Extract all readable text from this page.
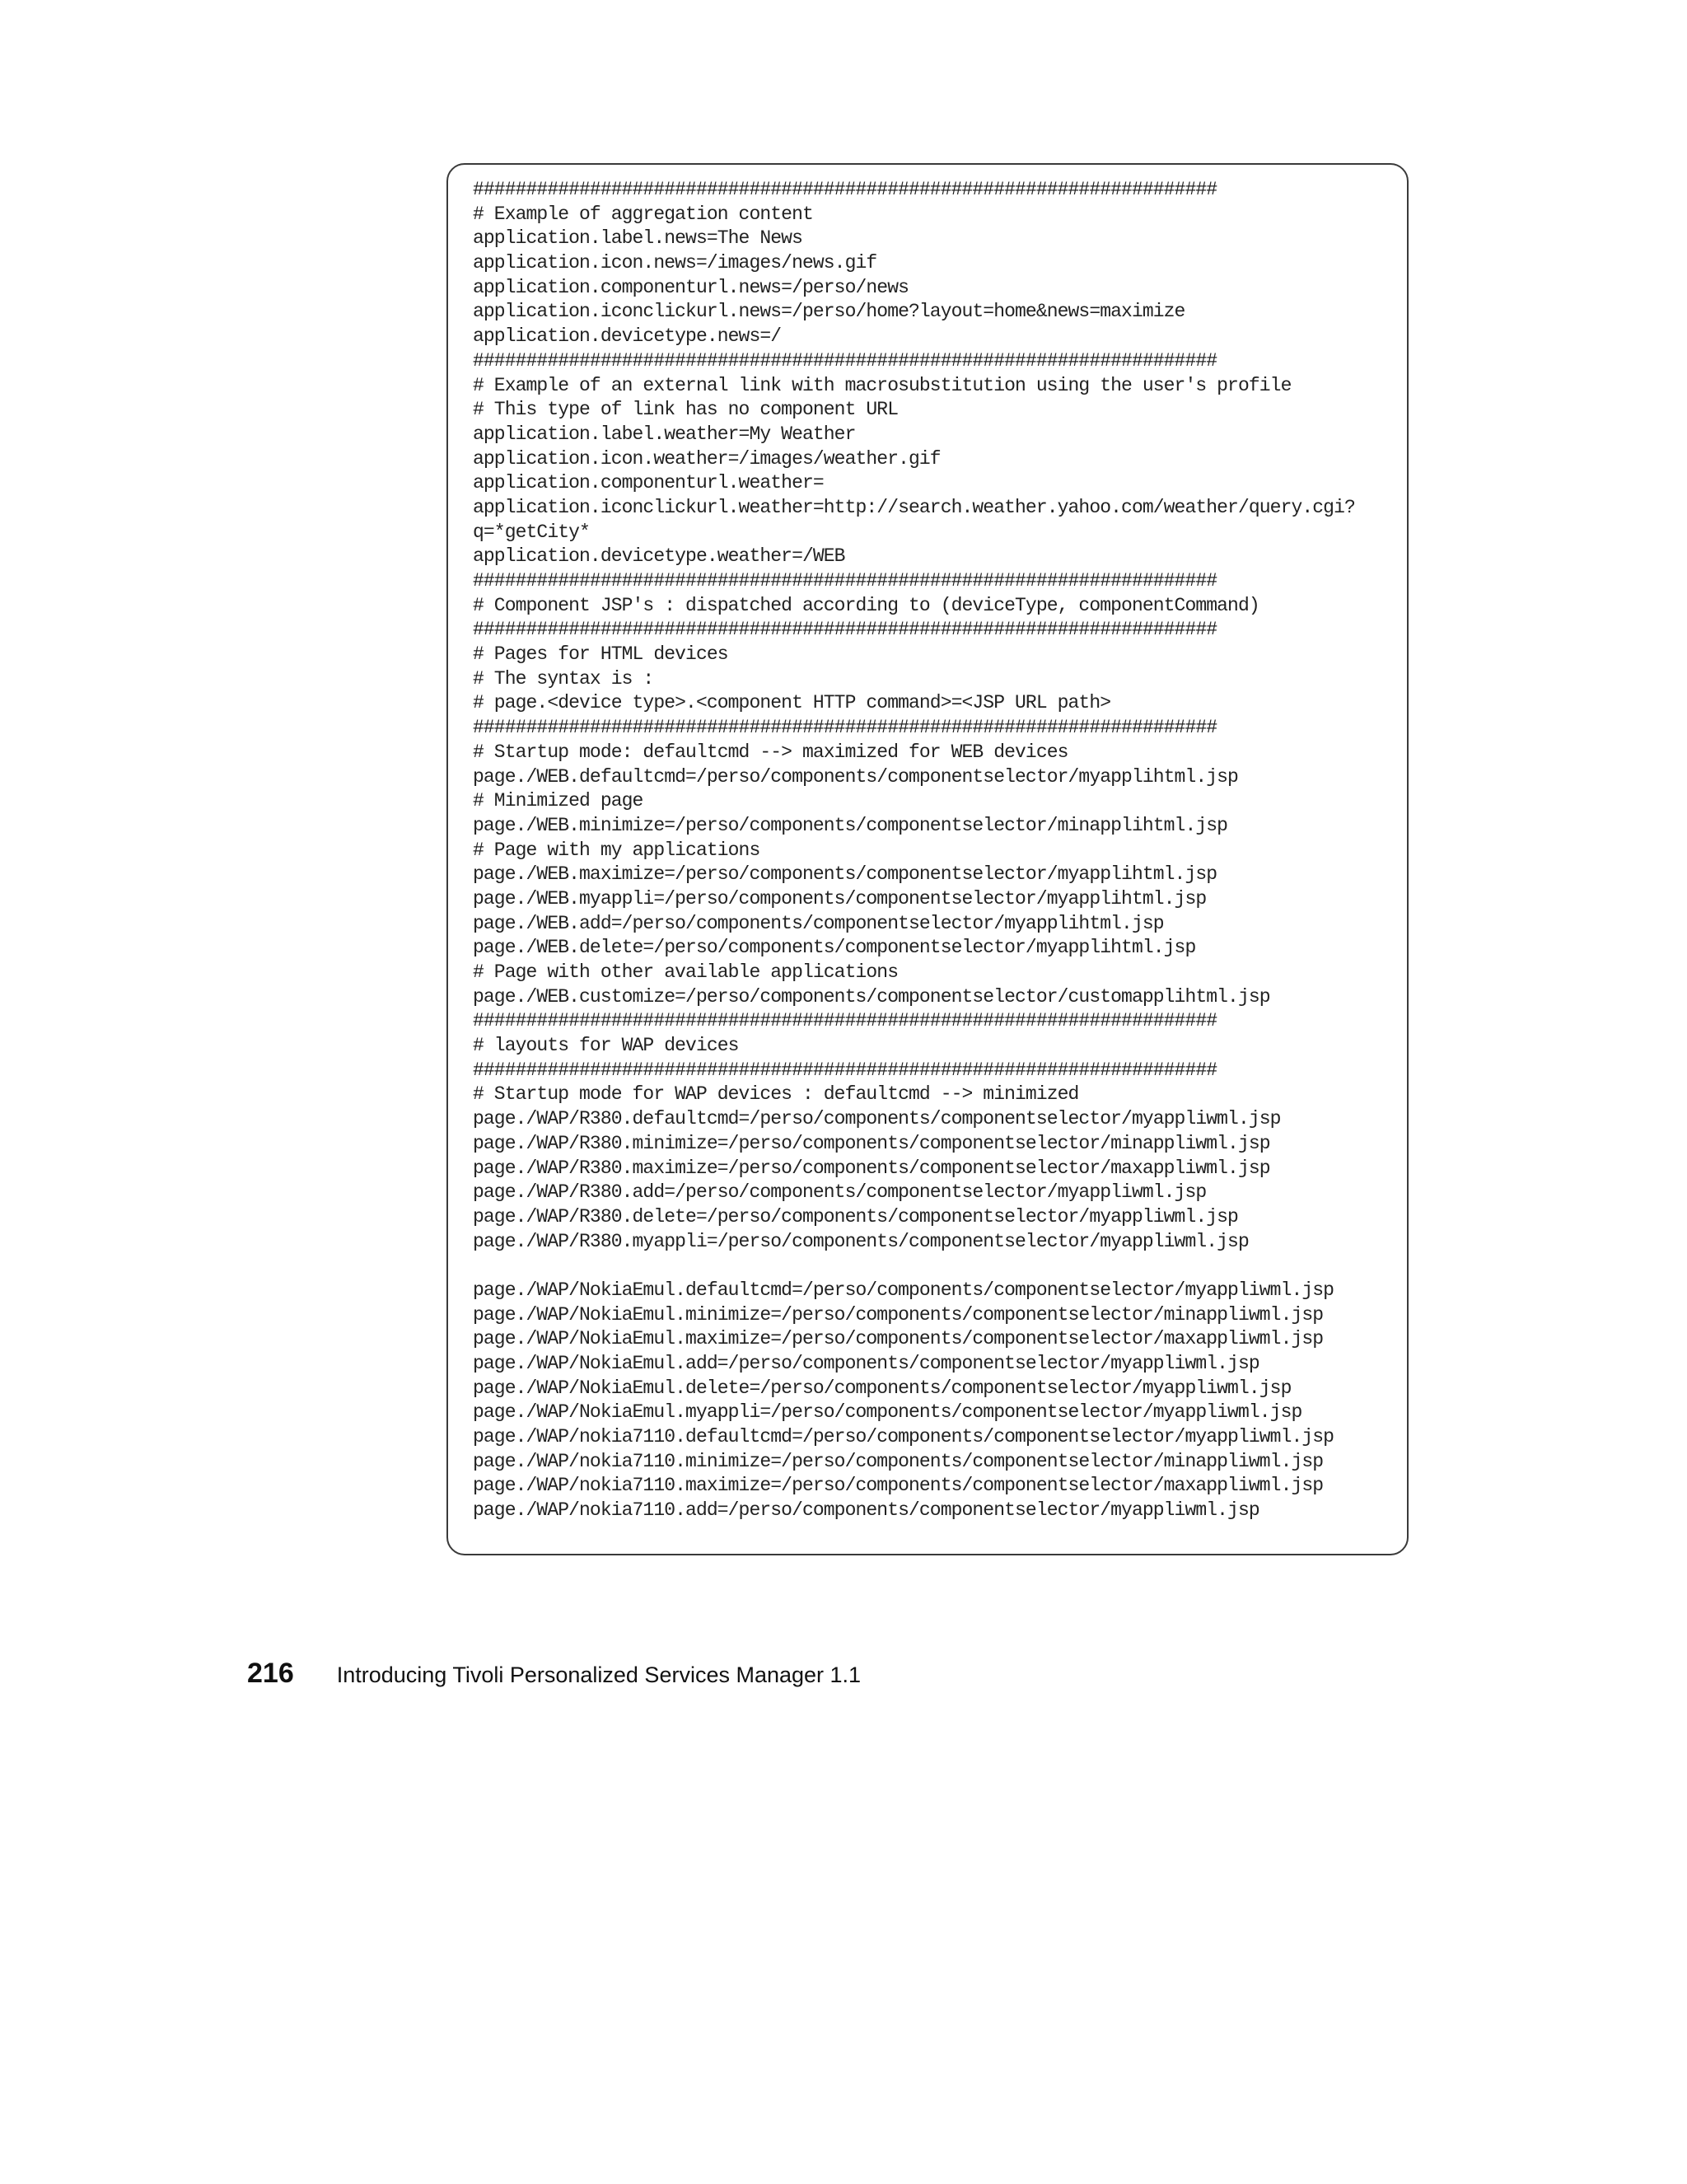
######################################################################
# Example of aggregation content
application.label.news=The News
application.icon.news=/images/news.gif
application.componenturl.news=/perso/news
application.iconclickurl.news=/perso/home?layout=home&news=maximize
application.devicetype.news=/
######################################################################
# Example of an external link with macrosubstitution using the user's profile
# This type of link has no component URL
application.label.weather=My Weather
application.icon.weather=/images/weather.gif
application.componenturl.weather=
application.iconclickurl.weather=http://search.weather.yahoo.com/weather/query.cgi?
q=*getCity*
application.devicetype.weather=/WEB
######################################################################
# Component JSP's : dispatched according to (deviceType, componentCommand)
######################################################################
# Pages for HTML devices
# The syntax is :
# page.<device type>.<component HTTP command>=<JSP URL path>
######################################################################
# Startup mode: defaultcmd --> maximized for WEB devices
page./WEB.defaultcmd=/perso/components/componentselector/myapplihtml.jsp
# Minimized page
page./WEB.minimize=/perso/components/componentselector/minapplihtml.jsp
# Page with my applications
page./WEB.maximize=/perso/components/componentselector/myapplihtml.jsp
page./WEB.myappli=/perso/components/componentselector/myapplihtml.jsp
page./WEB.add=/perso/components/componentselector/myapplihtml.jsp
page./WEB.delete=/perso/components/componentselector/myapplihtml.jsp
# Page with other available applications
page./WEB.customize=/perso/components/componentselector/customapplihtml.jsp
######################################################################
# layouts for WAP devices
######################################################################
# Startup mode for WAP devices : defaultcmd --> minimized
page./WAP/R380.defaultcmd=/perso/components/componentselector/myappliwml.jsp
page./WAP/R380.minimize=/perso/components/componentselector/minappliwml.jsp
page./WAP/R380.maximize=/perso/components/componentselector/maxappliwml.jsp
page./WAP/R380.add=/perso/components/componentselector/myappliwml.jsp
page./WAP/R380.delete=/perso/components/componentselector/myappliwml.jsp
page./WAP/R380.myappli=/perso/components/componentselector/myappliwml.jsp
page./WAP/NokiaEmul.defaultcmd=/perso/components/componentselector/myappliwml.jsp
page./WAP/NokiaEmul.minimize=/perso/components/componentselector/minappliwml.jsp
page./WAP/NokiaEmul.maximize=/perso/components/componentselector/maxappliwml.jsp
page./WAP/NokiaEmul.add=/perso/components/componentselector/myappliwml.jsp
page./WAP/NokiaEmul.delete=/perso/components/componentselector/myappliwml.jsp
page./WAP/NokiaEmul.myappli=/perso/components/componentselector/myappliwml.jsp
page./WAP/nokia7110.defaultcmd=/perso/components/componentselector/myappliwml.jsp
page./WAP/nokia7110.minimize=/perso/components/componentselector/minappliwml.jsp
page./WAP/nokia7110.maximize=/perso/components/componentselector/maxappliwml.jsp
page./WAP/nokia7110.add=/perso/components/componentselector/myappliwml.jsp
216 Introducing Tivoli Personalized Services Manager 1.1
